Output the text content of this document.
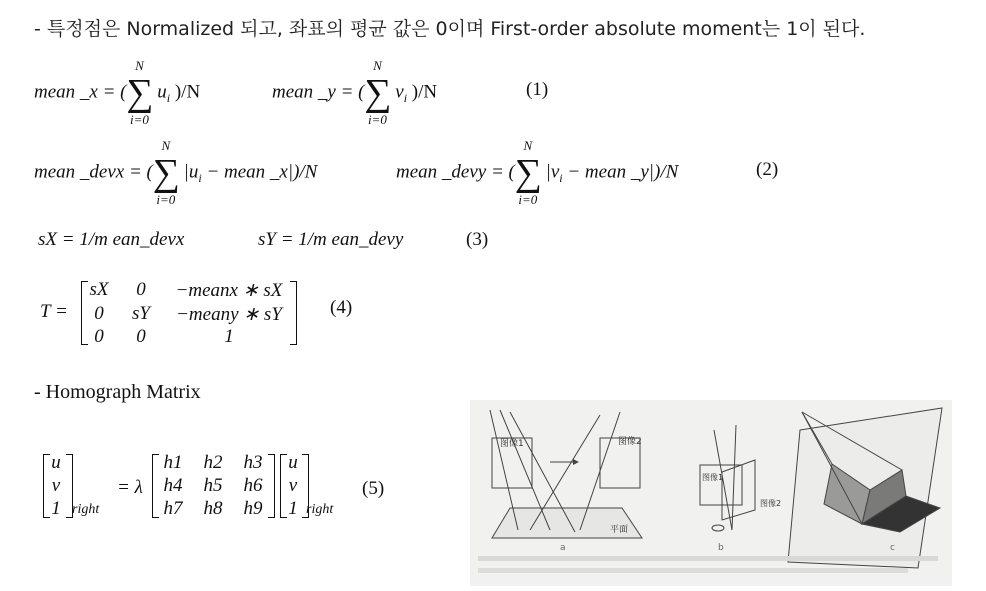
- 특정점은 Normalized 되고, 좌표의 평균 값은 0이며 First-order absolute moment는 1이 된다.
mean _x = (
N
∑
i=0
$u_i$ )/N	mean _y = (
N
∑
i=0
$v_i$ )/N	(1)
mean _devx = (
N
∑
i=0
$|u_i$ − mean _x|)/N	mean _devy = (
N
∑
i=0
$|v_i$ − mean _y|)/N	(2)
sX = 1/m ean_devx	sY = 1/m ean_devy	(3)
T =
sX	0	−meanx ∗ sX
0	sY	−meany ∗ sY
0	0	1
(4)
- Homograph Matrix
u
v
1 right
= λ
h1	h2	h3
h4	h5	h6
h7	h8	h9
u
v
1 right
(5)
图像1	图像2
平面
图像1
图像2
a	b	c
